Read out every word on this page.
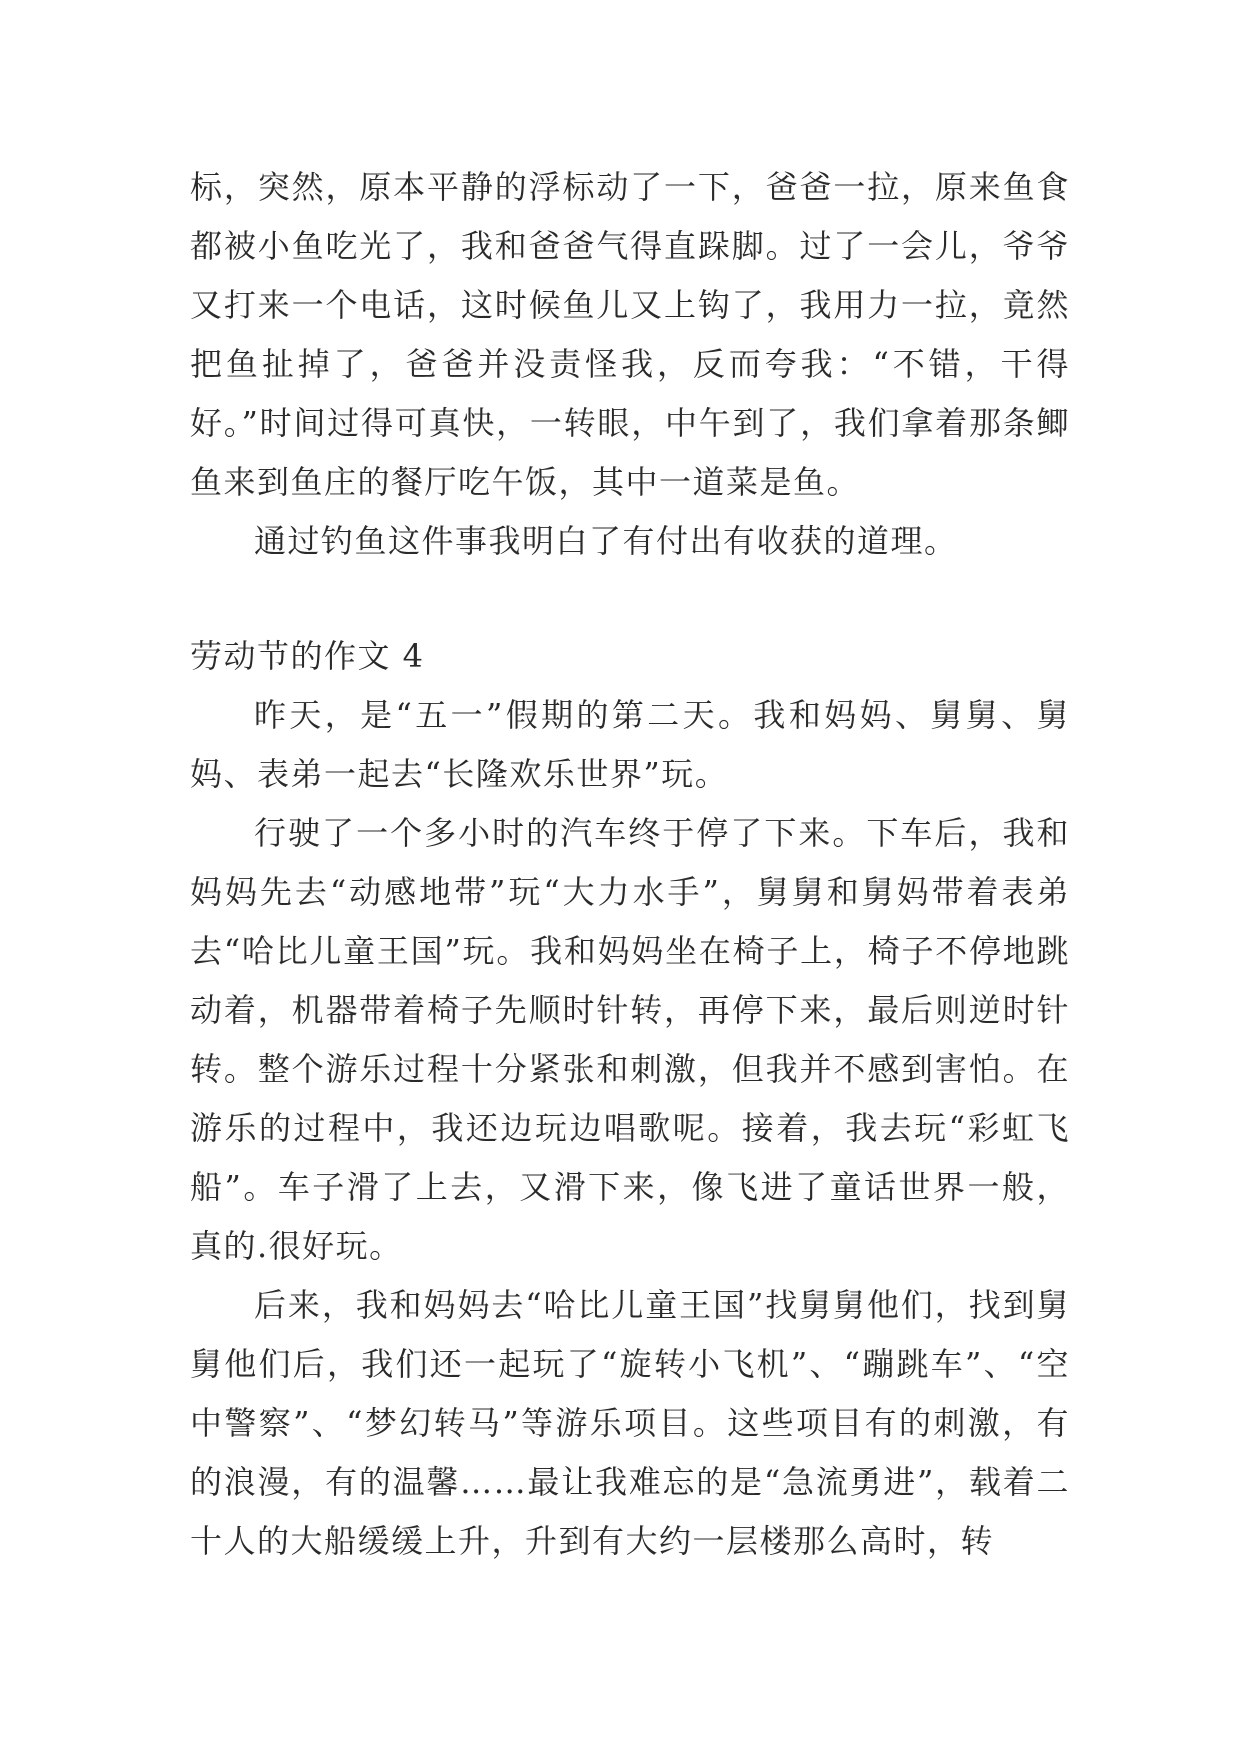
标，突然，原本平静的浮标动了一下，爸爸一拉，原来鱼食都被小鱼吃光了，我和爸爸气得直跺脚。过了一会儿，爷爷又打来一个电话，这时候鱼儿又上钩了，我用力一拉，竟然把鱼扯掉了，爸爸并没责怪我，反而夸我：“不错，干得好。”时间过得可真快，一转眼，中午到了，我们拿着那条鲫鱼来到鱼庄的餐厅吃午饭，其中一道菜是鱼。

通过钓鱼这件事我明白了有付出有收获的道理。

劳动节的作文 4

昨天，是“五一”假期的第二天。我和妈妈、舅舅、舅妈、表弟一起去“长隆欢乐世界”玩。

行驶了一个多小时的汽车终于停了下来。下车后，我和妈妈先去“动感地带”玩“大力水手”，舅舅和舅妈带着表弟去“哈比儿童王国”玩。我和妈妈坐在椅子上，椅子不停地跳动着，机器带着椅子先顺时针转，再停下来，最后则逆时针转。整个游乐过程十分紧张和刺激，但我并不感到害怕。在游乐的过程中，我还边玩边唱歌呢。接着，我去玩“彩虹飞船”。车子滑了上去，又滑下来，像飞进了童话世界一般，真的.很好玩。

后来，我和妈妈去“哈比儿童王国”找舅舅他们，找到舅舅他们后，我们还一起玩了“旋转小飞机”、“蹦跳车”、“空中警察”、“梦幻转马”等游乐项目。这些项目有的刺激，有的浪漫，有的温馨……最让我难忘的是“急流勇进”，载着二十人的大船缓缓上升，升到有大约一层楼那么高时，转
